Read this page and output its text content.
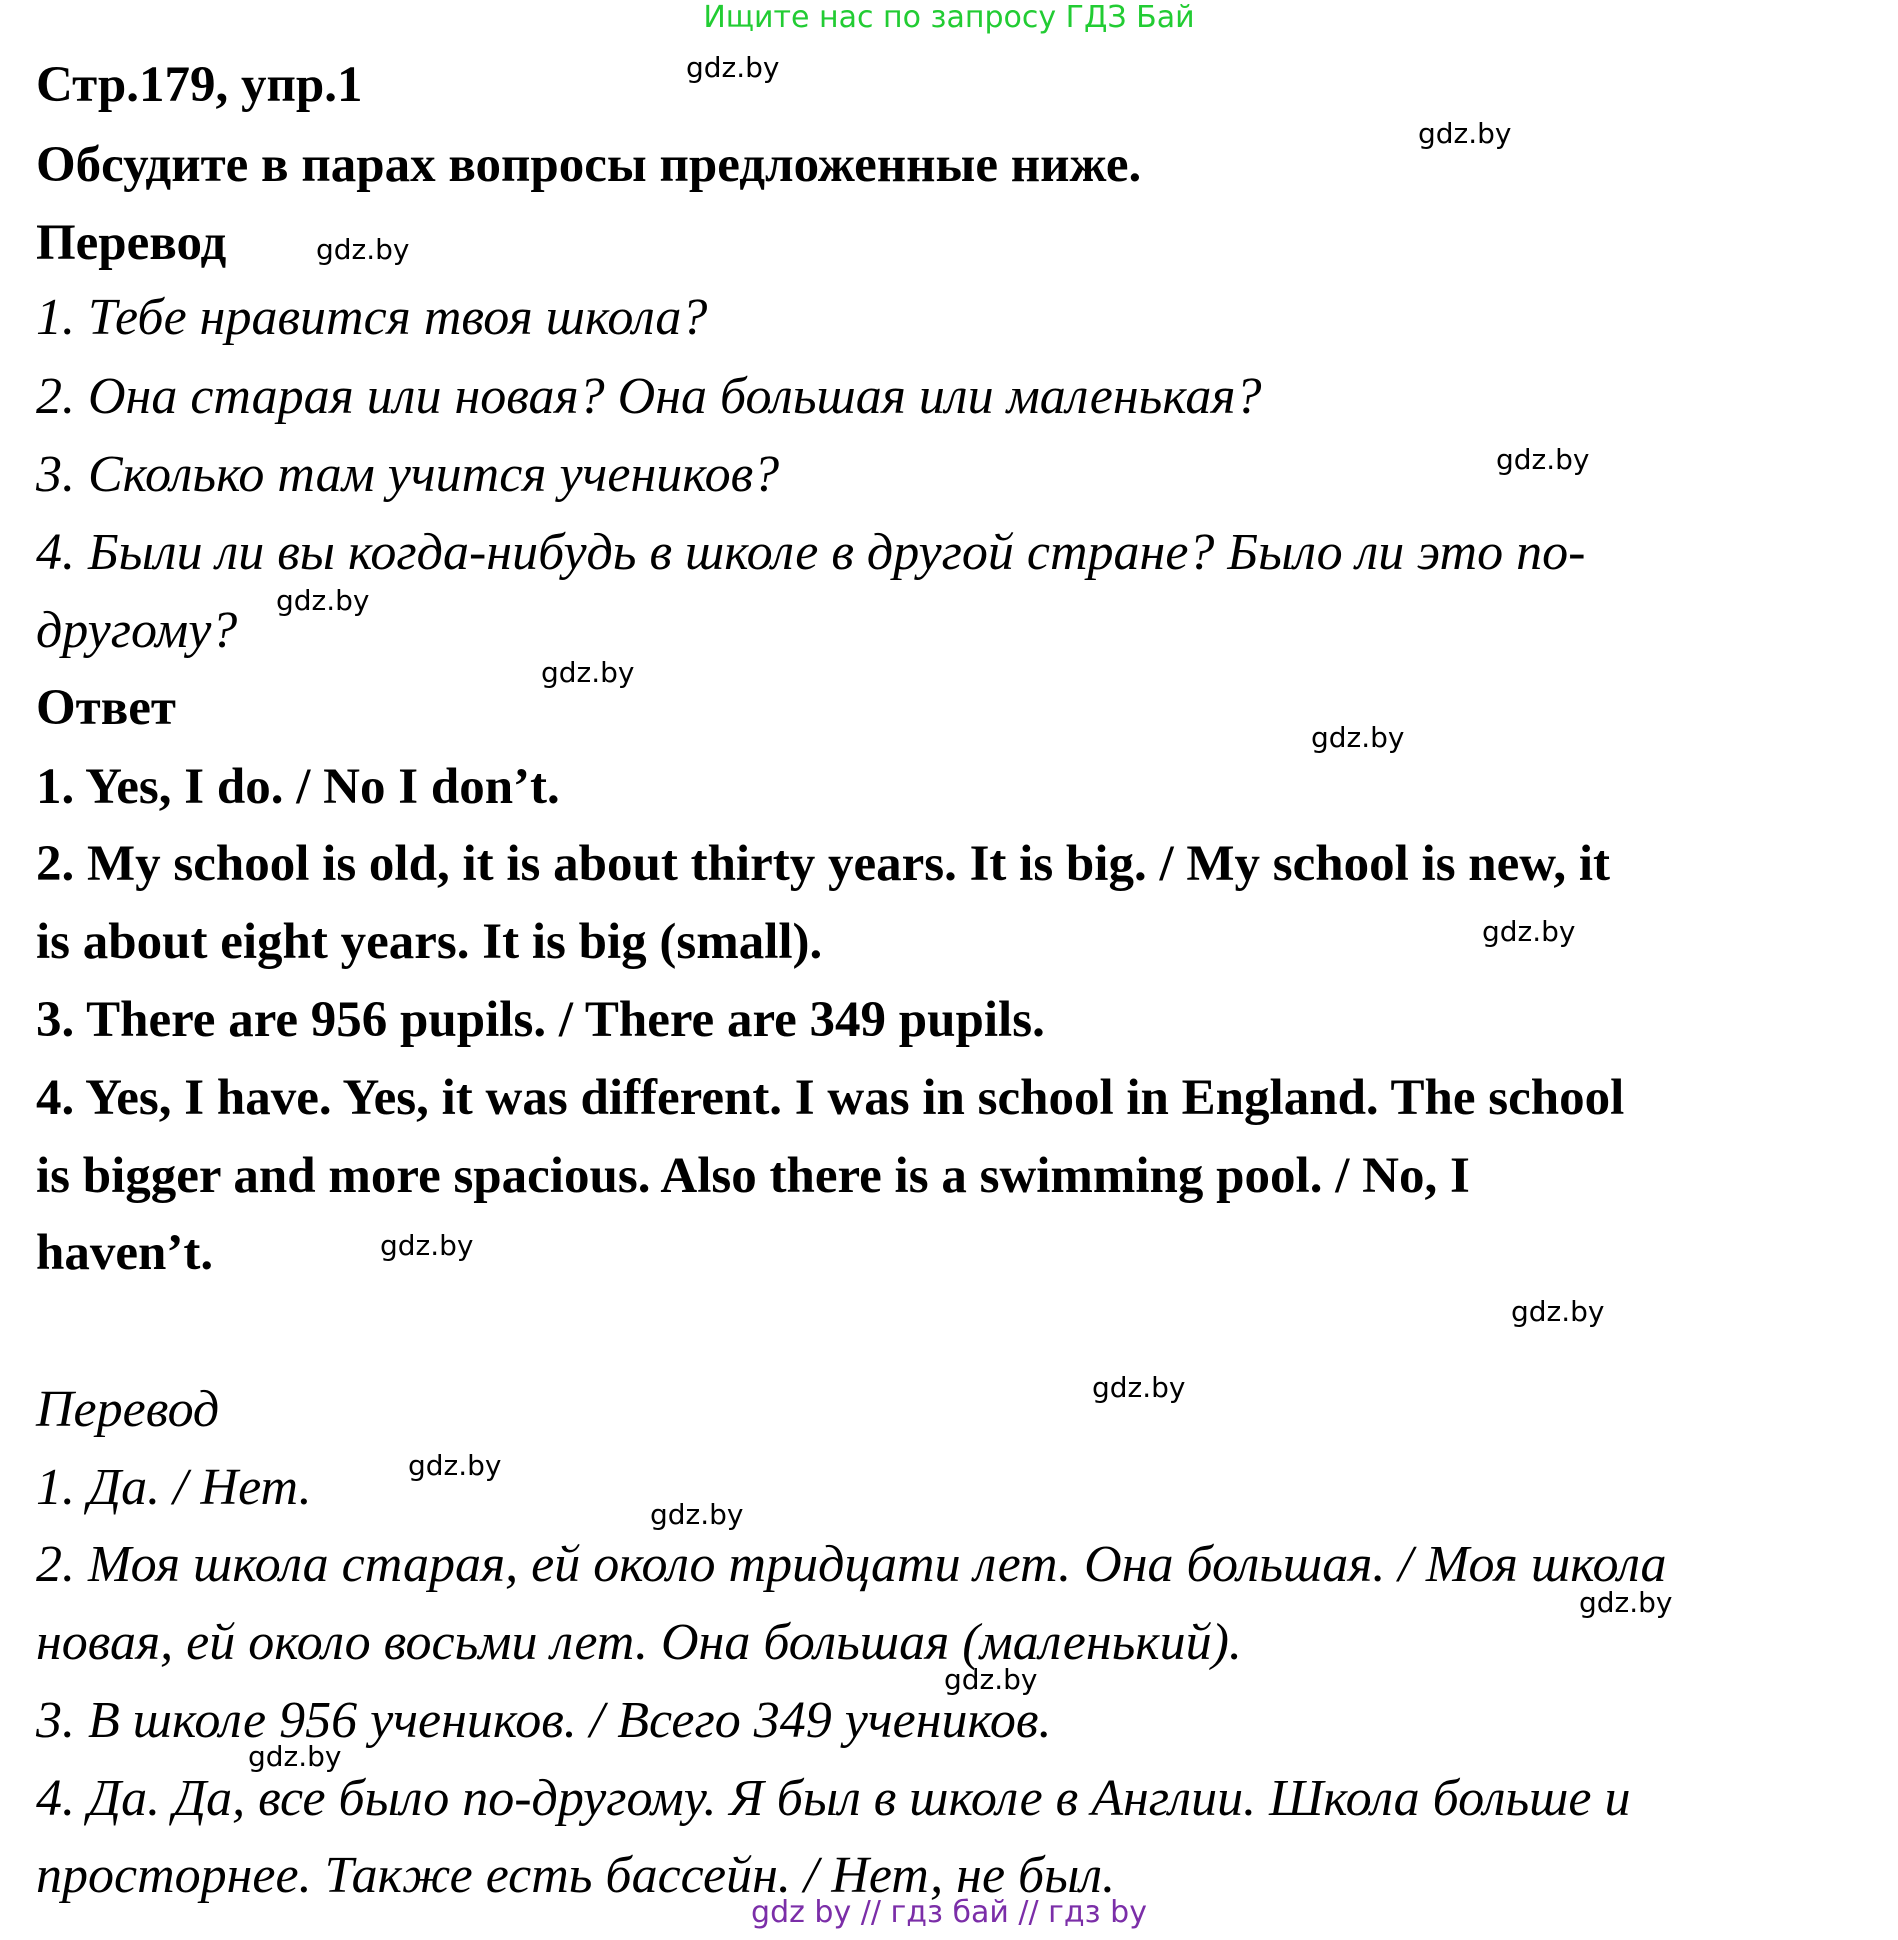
Ищите нас по запросу ГДЗ Бай
Стр.179, упр.1
Обсудите в парах вопросы предложенные ниже.
Перевод
1. Тебе нравится твоя школа?
2. Она старая или новая? Она большая или маленькая?
3. Сколько там учится учеников?
4. Были ли вы когда-нибудь в школе в другой стране? Было ли это по-
другому?
Ответ
1. Yes, I do. / No I don’t.
2. My school is old, it is about thirty years. It is big. / My school is new, it
is about eight years. It is big (small).
3. There are 956 pupils. / There are 349 pupils.
4. Yes, I have. Yes, it was different. I was in school in England. The school
is bigger and more spacious. Also there is a swimming pool. / No, I
haven’t.
Перевод
1. Да. / Нет.
2. Моя школа старая, ей около тридцати лет. Она большая. / Моя школа
новая, ей около восьми лет. Она большая (маленький).
3. В школе 956 учеников. / Всего 349 учеников.
4. Да. Да, все было по-другому. Я был в школе в Англии. Школа больше и
просторнее. Также есть бассейн. / Нет, не был.
gdz.by
gdz.by
gdz.by
gdz.by
gdz.by
gdz.by
gdz.by
gdz.by
gdz.by
gdz.by
gdz.by
gdz.by
gdz.by
gdz.by
gdz.by
gdz.by
gdz by // гдз бай // гдз by
